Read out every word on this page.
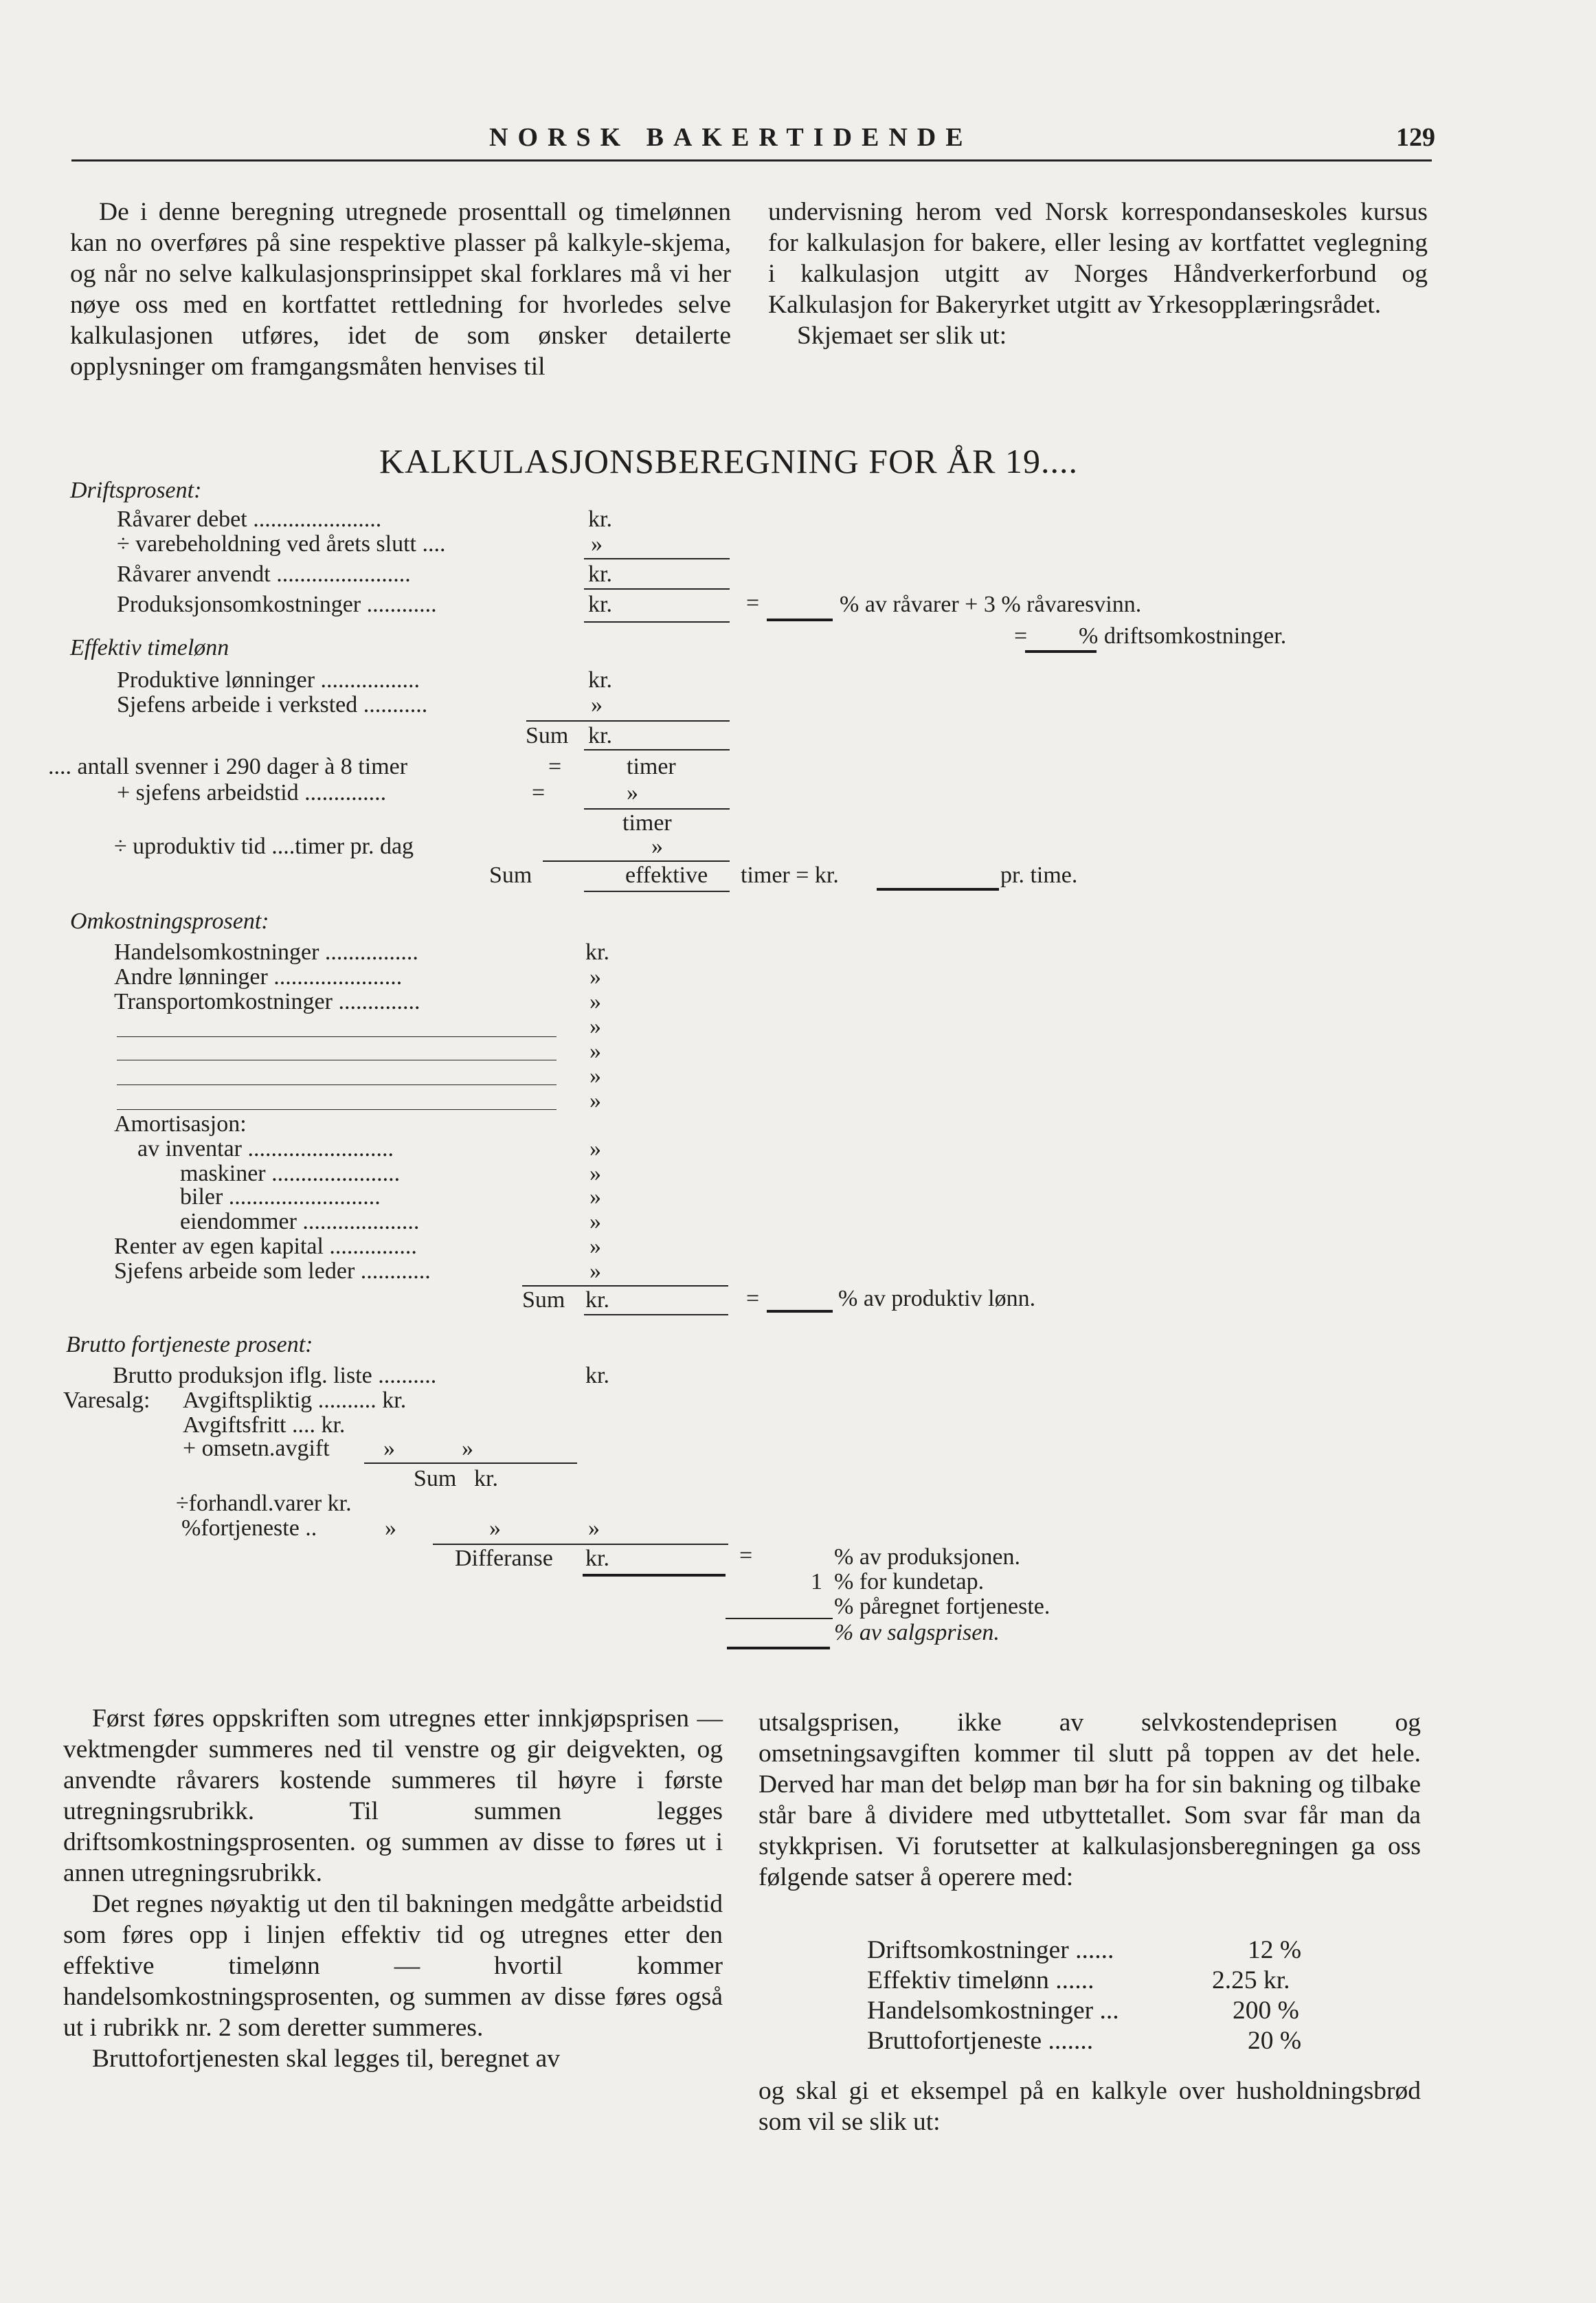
NORSK BAKERTIDENDE	129

De i denne beregning utregnede prosenttall og timelønnen kan no overføres på sine respektive plasser på kalkyle-skjema, og når no selve kalkulasjonsprinsippet skal forklares må vi her nøye oss med en kortfattet rettledning for hvorledes selve kalkulasjonen utføres, idet de som ønsker detailerte opplysninger om framgangsmåten henvises til

undervisning herom ved Norsk korrespondanseskoles kursus for kalkulasjon for bakere, eller lesing av kortfattet veglegning i kalkulasjon utgitt av Norges Håndverkerforbund og Kalkulasjon for Bakeryrket utgitt av Yrkesopplæringsrådet.

Skjemaet ser slik ut:

KALKULASJONSBEREGNING FOR ÅR 19....
Driftsprosent:
Råvarer debet ......................	kr.
÷ varebeholdning ved årets slutt ....	»
Råvarer anvendt .......................	kr.
Produksjonsomkostninger ............	kr.	=	% av råvarer + 3 % råvaresvinn.
= % driftsomkostninger.
Effektiv timelønn
Produktive lønninger .................	kr.
Sjefens arbeide i verksted ...........	»
Sum kr.
.... antall svenner i 290 dager à 8 timer	=	timer
+ sjefens arbeidstid ..............	=	»
timer
÷ uproduktiv tid ....timer pr. dag	»
Sum	effektive timer = kr.	pr. time.
Omkostningsprosent:
Handelsomkostninger ................	kr.
Andre lønninger ......................	»
Transportomkostninger ..............	»
»
»
»
»
Amortisasjon:
av inventar .........................	»
maskiner ......................	»
biler ..........................	»
eiendommer ....................	»
Renter av egen kapital ...............	»
Sjefens arbeide som leder ............	»
Sum kr.	=	% av produktiv lønn.
Brutto fortjeneste prosent:
Brutto produksjon iflg. liste ..........	kr.
Varesalg: Avgiftspliktig .......... kr.
Avgiftsfritt .... kr.
+ omsetn.avgift »	»
Sum kr.
÷forhandl.varer kr.
%fortjeneste ..	»	»	»
Differanse kr.	=	% av produksjonen.
1 % for kundetap.
% påregnet fortjeneste.
% av salgsprisen.

Først føres oppskriften som utregnes etter innkjøpsprisen — vektmengder summeres ned til venstre og gir deigvekten, og anvendte råvarers kostende summeres til høyre i første utregningsrubrikk. Til summen legges driftsomkostningsprosenten. og summen av disse to føres ut i annen utregningsrubrikk.

Det regnes nøyaktig ut den til bakningen medgåtte arbeidstid som føres opp i linjen effektiv tid og utregnes etter den effektive timelønn — hvortil kommer handelsomkostningsprosenten, og summen av disse føres også ut i rubrikk nr. 2 som deretter summeres.

Bruttofortjenesten skal legges til, beregnet av

utsalgsprisen, ikke av selvkostendeprisen og omsetningsavgiften kommer til slutt på toppen av det hele. Derved har man det beløp man bør ha for sin bakning og tilbake står bare å dividere med utbyttetallet. Som svar får man da stykkprisen. Vi forutsetter at kalkulasjonsberegningen ga oss følgende satser å operere med:

Driftsomkostninger ......	12 %
Effektiv timelønn ......	2.25 kr.
Handelsomkostninger ...	200 %
Bruttofortjeneste .......	20 %

og skal gi et eksempel på en kalkyle over husholdningsbrød som vil se slik ut:
